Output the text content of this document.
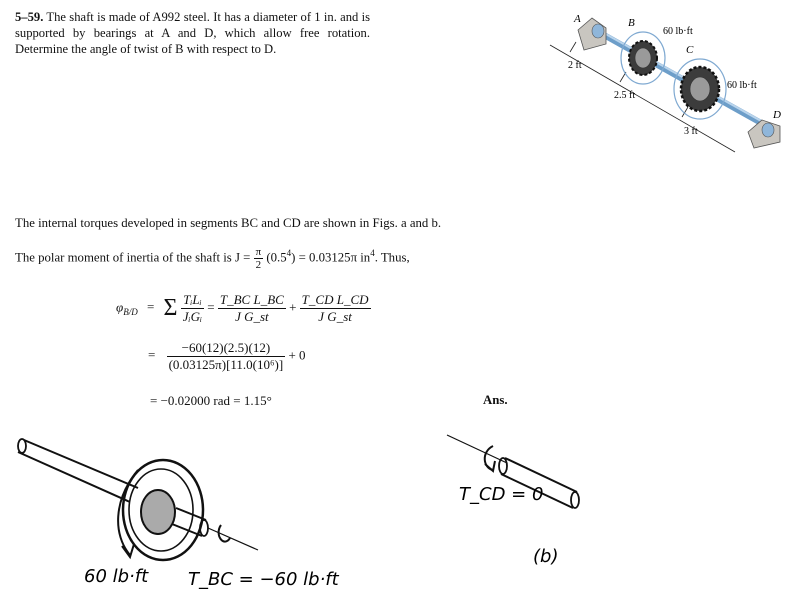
5–59. The shaft is made of A992 steel. It has a diameter of 1 in. and is supported by bearings at A and D, which allow free rotation. Determine the angle of twist of B with respect to D.
A	B
C
D
60 lb·ft
60 lb·ft
2 ft
2.5 ft
3 ft
The internal torques developed in segments BC and CD are shown in Figs. a and b.
The polar moment of inertia of the shaft is $J = \frac{\pi}{2} (0.5^4) = 0.03125\pi$ $in^4$. Thus,
$\varphi_{B/D} = \Sigma \frac{\text{TᵢLᵢ}}{\text{JᵢGᵢ}} = \frac{\text{T\_BC L\_BC}}{\text{J G\_st}} + \frac{\text{T\_CD L\_CD}}{\text{J G\_st}}$
= $\frac{-60(12)(2.5)(12)}{\text{(0.03125π)[11.0(10⁶)]}} + 0$
= −0.02000 rad = 1.15°	Ans.
60 lb·ft T_BC = −60 lb·ft
T_CD = 0
(b)
